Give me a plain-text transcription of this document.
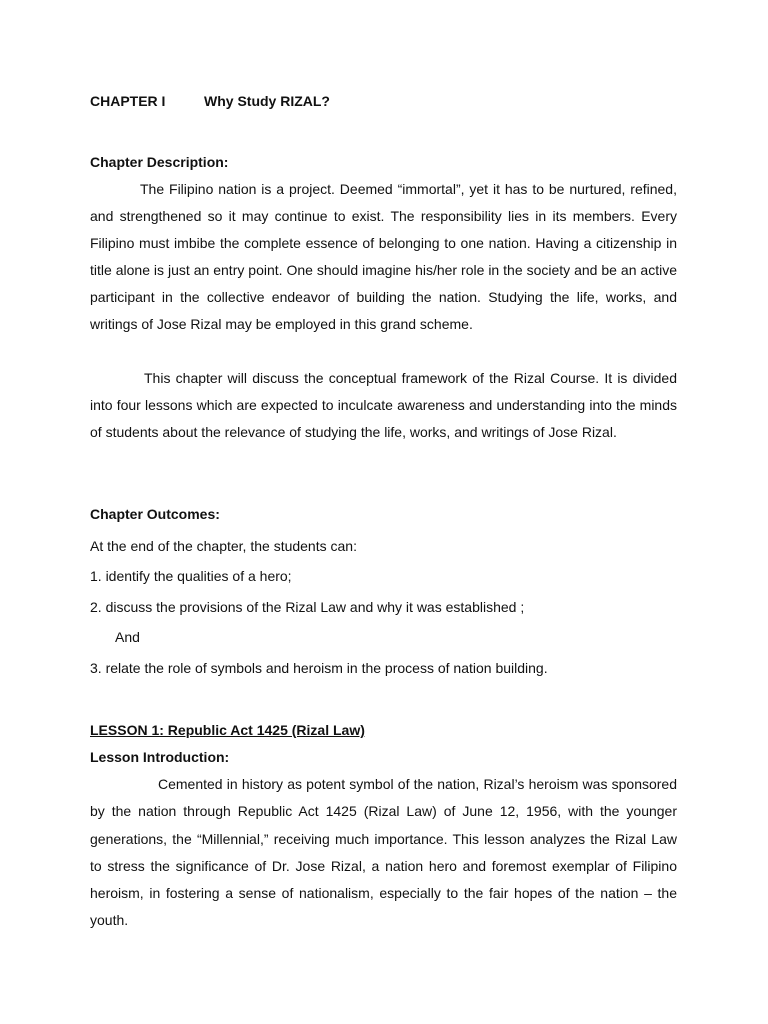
CHAPTER I	Why Study RIZAL?

Chapter Description:

The Filipino nation is a project. Deemed “immortal”, yet it has to be nurtured, refined, and strengthened so it may continue to exist. The responsibility lies in its members. Every Filipino must imbibe the complete essence of belonging to one nation. Having a citizenship in title alone is just an entry point. One should imagine his/her role in the society and be an active participant in the collective endeavor of building the nation. Studying the life, works, and writings of Jose Rizal may be employed in this grand scheme.

This chapter will discuss the conceptual framework of the Rizal Course. It is divided into four lessons which are expected to inculcate awareness and understanding into the minds of students about the relevance of studying the life, works, and writings of Jose Rizal.

Chapter Outcomes:

At the end of the chapter, the students can:

1. identify the qualities of a hero;

2. discuss the provisions of the Rizal Law and why it was established ;

And

3. relate the role of symbols and heroism in the process of nation building.

LESSON 1: Republic Act 1425 (Rizal Law)

Lesson Introduction:

Cemented in history as potent symbol of the nation, Rizal’s heroism was sponsored by the nation through Republic Act 1425 (Rizal Law) of June 12, 1956, with the younger generations, the “Millennial,” receiving much importance. This lesson analyzes the Rizal Law to stress the significance of Dr. Jose Rizal, a nation hero and foremost exemplar of Filipino heroism, in fostering a sense of nationalism, especially to the fair hopes of the nation – the youth.
